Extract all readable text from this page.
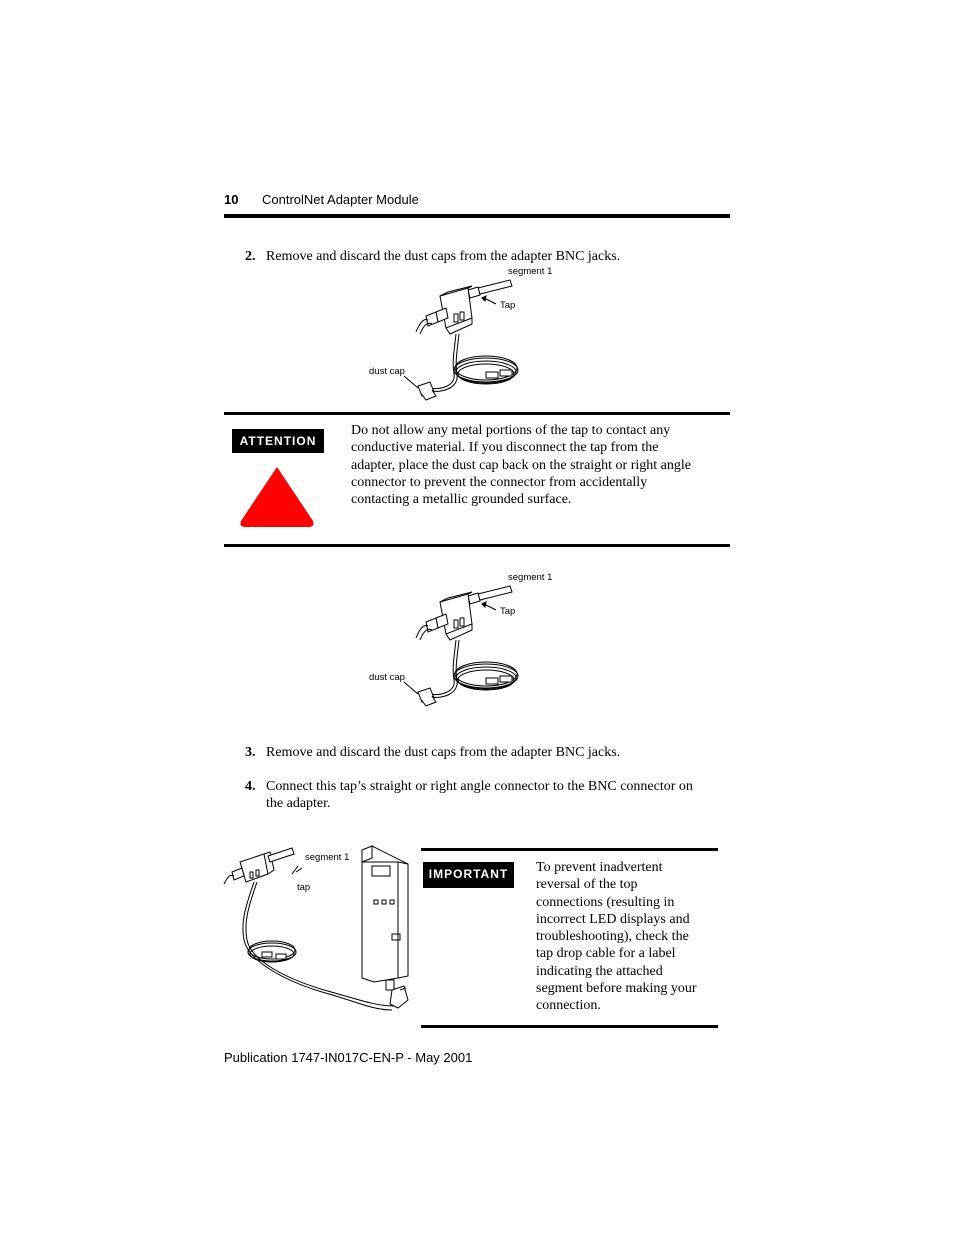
10 ControlNet Adapter Module
2. Remove and discard the dust caps from the adapter BNC jacks.
segment 1
Tap
dust cap
ATTENTION
Do not allow any metal portions of the tap to contact any
conductive material. If you disconnect the tap from the
adapter, place the dust cap back on the straight or right angle
connector to prevent the connector from accidentally
contacting a metallic grounded surface.
segment 1
Tap
dust cap
3. Remove and discard the dust caps from the adapter BNC jacks.
4. Connect this tap’s straight or right angle connector to the BNC connector on
the adapter.
segment 1
tap
IMPORTANT	To prevent inadvertent
reversal of the top
connections (resulting in
incorrect LED displays and
troubleshooting), check the
tap drop cable for a label
indicating the attached
segment before making your
connection.
Publication 1747-IN017C-EN-P - May 2001
